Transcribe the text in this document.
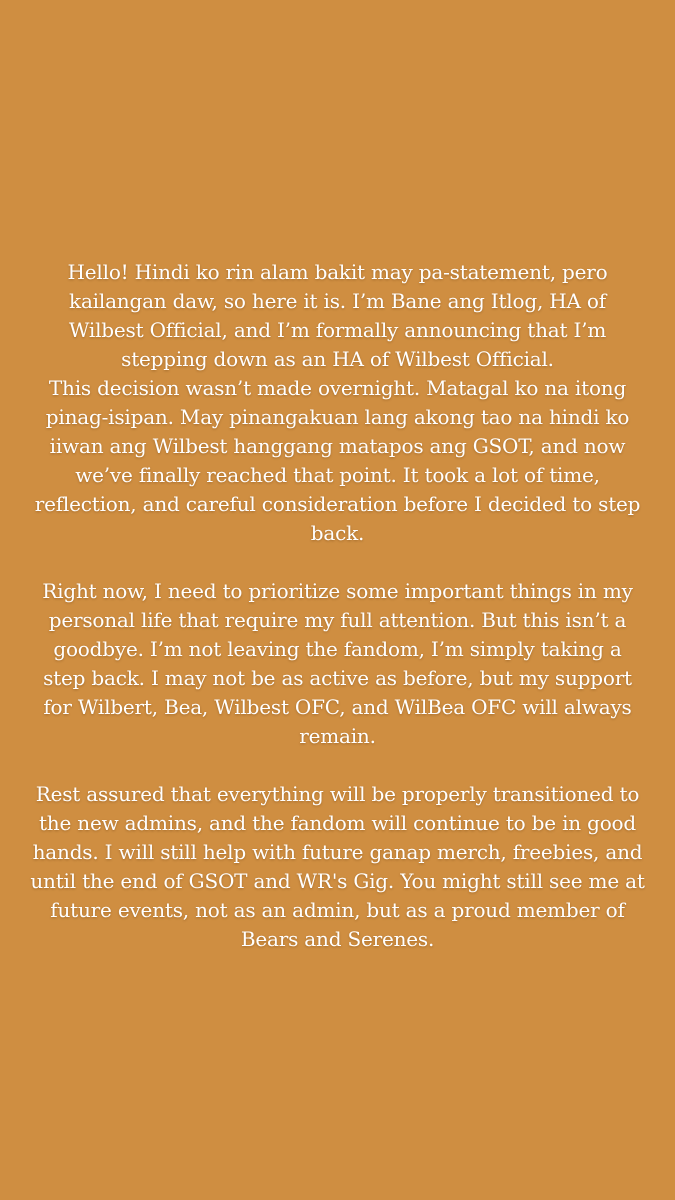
Hello! Hindi ko rin alam bakit may pa-statement, pero kailangan daw, so here it is. I’m Bane ang Itlog, HA of Wilbest Official, and I’m formally announcing that I’m stepping down as an HA of Wilbest Official.

This decision wasn’t made overnight. Matagal ko na itong pinag-isipan. May pinangakuan lang akong tao na hindi ko iiwan ang Wilbest hanggang matapos ang GSOT, and now we’ve finally reached that point. It took a lot of time, reflection, and careful consideration before I decided to step back.

Right now, I need to prioritize some important things in my personal life that require my full attention. But this isn’t a goodbye. I’m not leaving the fandom, I’m simply taking a step back. I may not be as active as before, but my support for Wilbert, Bea, Wilbest OFC, and WilBea OFC will always remain.

Rest assured that everything will be properly transitioned to the new admins, and the fandom will continue to be in good hands. I will still help with future ganap merch, freebies, and until the end of GSOT and WR's Gig. You might still see me at future events, not as an admin, but as a proud member of Bears and Serenes.
